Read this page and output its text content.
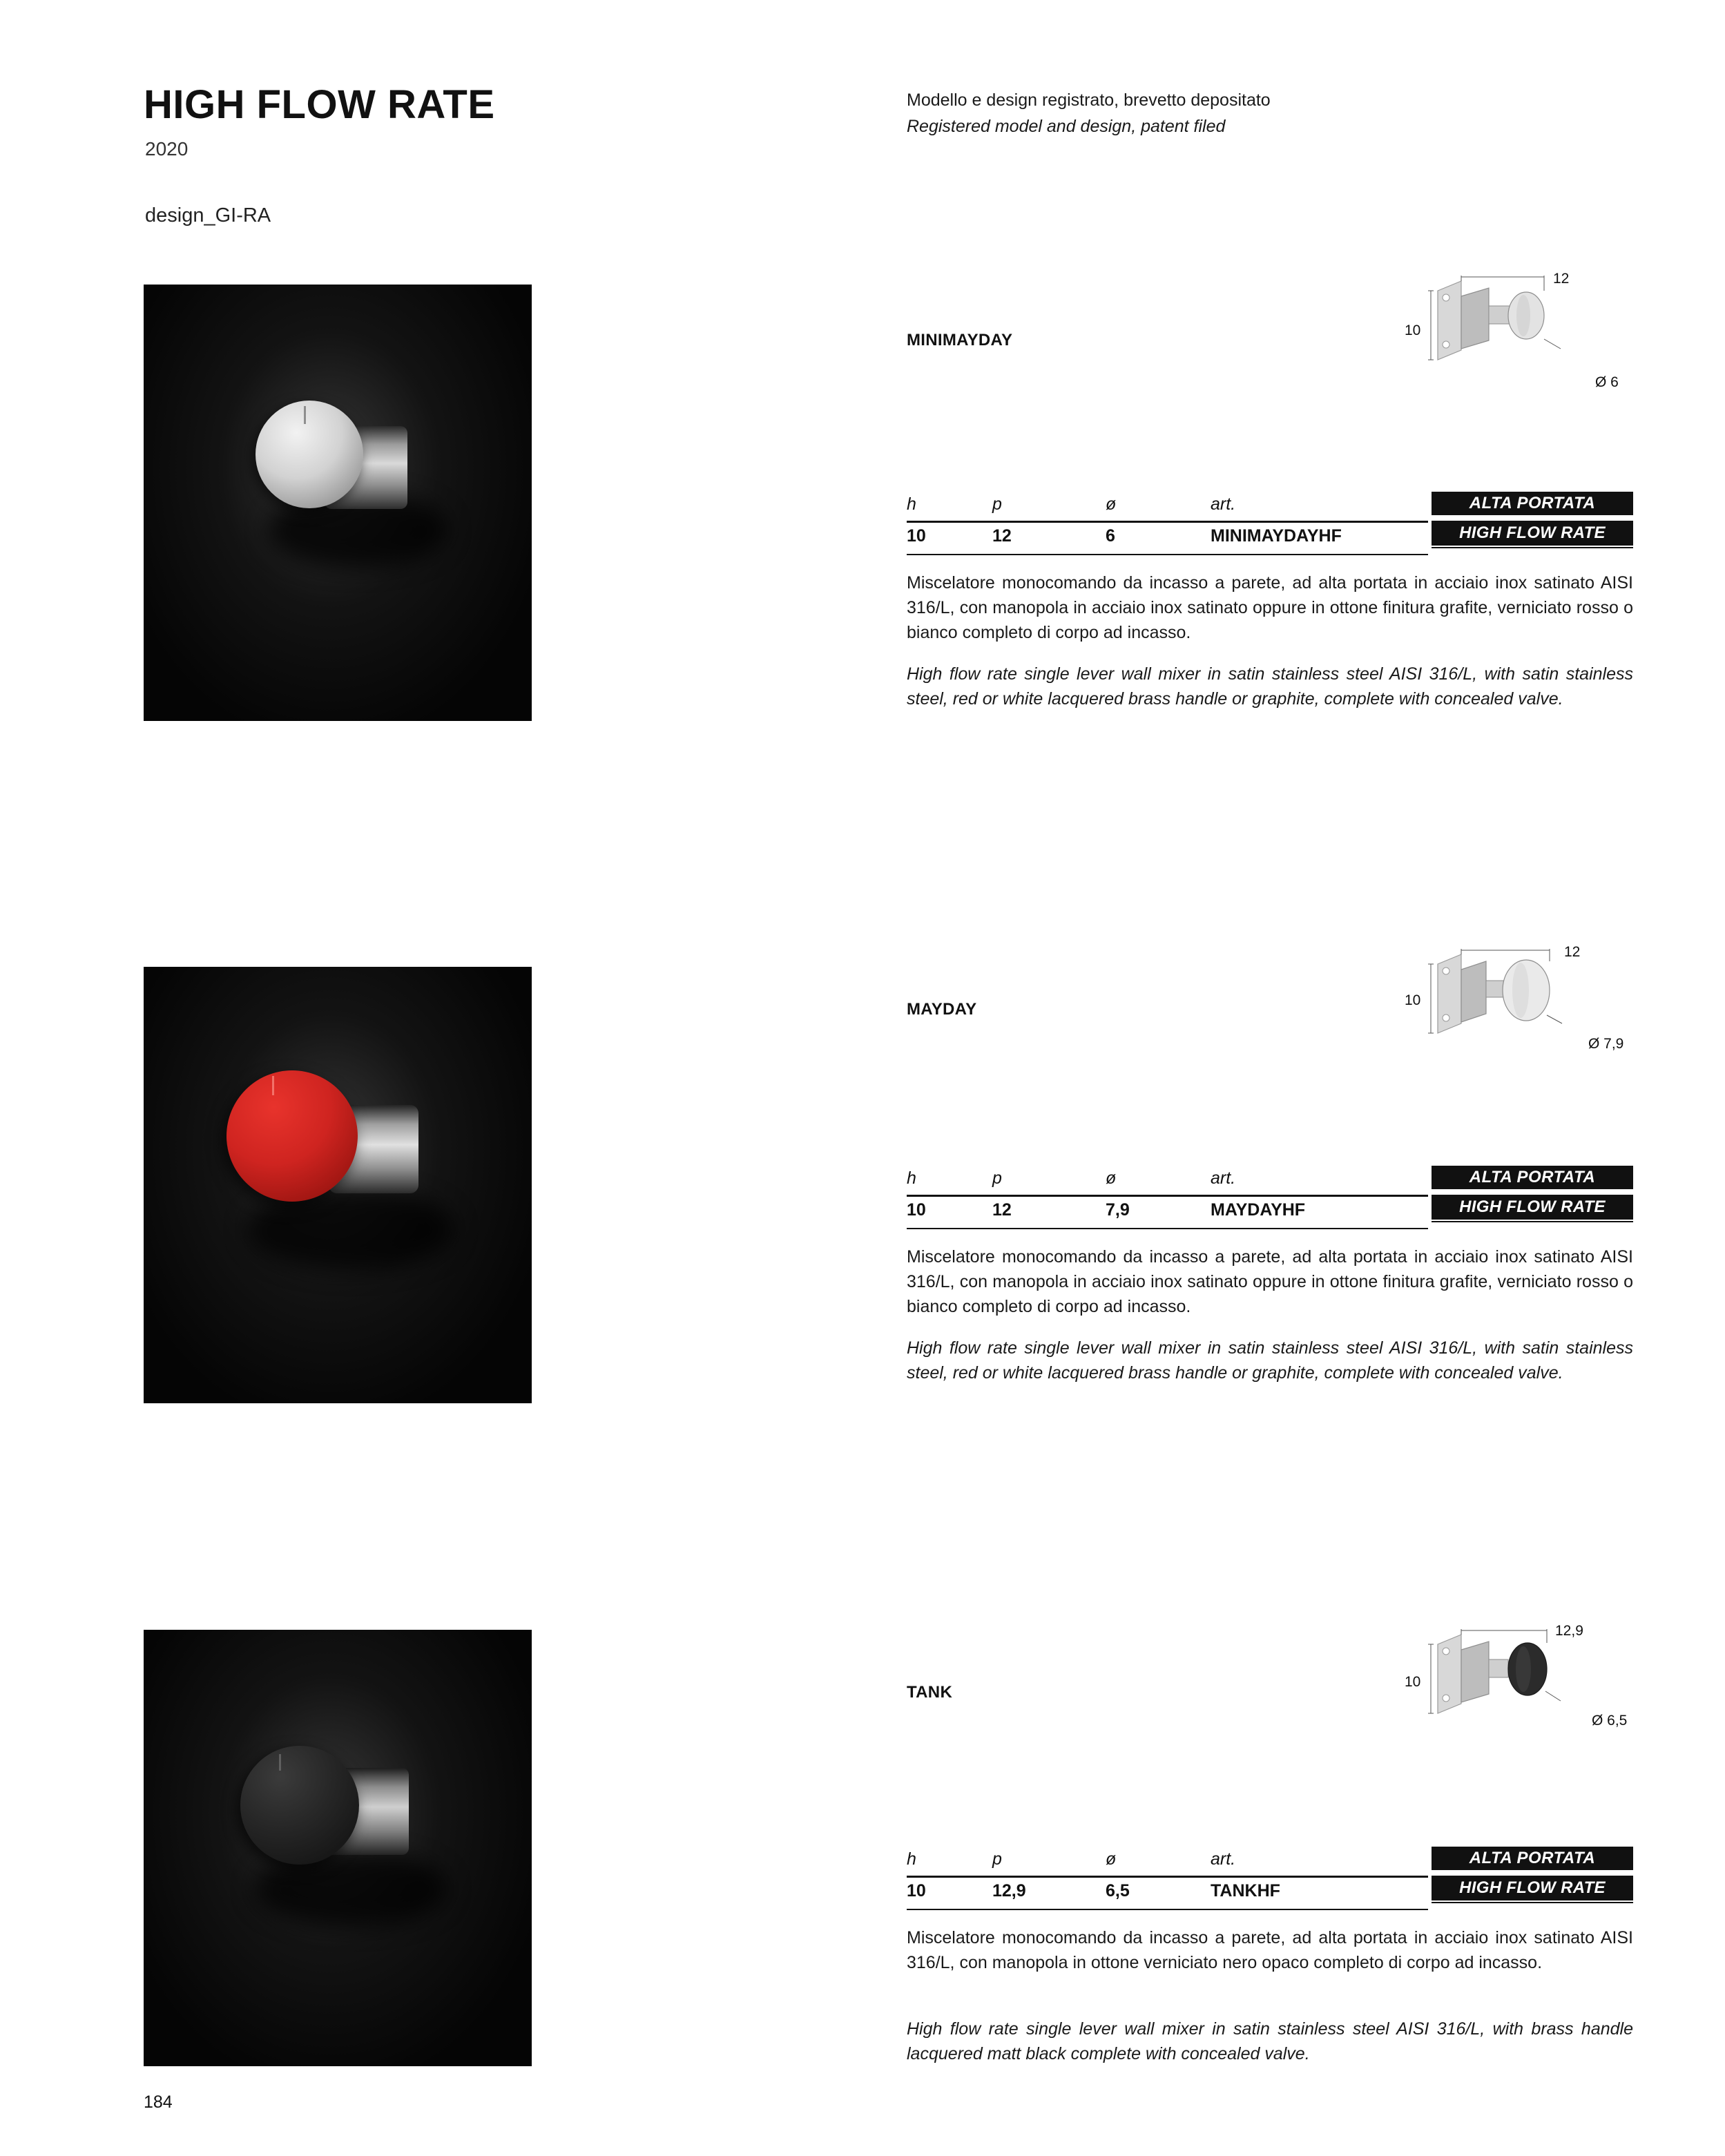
HIGH FLOW RATE
2020
design_GI-RA
Modello e design registrato, brevetto depositato
Registered model and design, patent filed
MINIMAYDAY
12
10
Ø 6
h	p	ø	art.	ALTA PORTATA
HIGH FLOW RATE
10	12	6	MINIMAYDAYHF
Miscelatore monocomando da incasso a parete, ad alta portata in acciaio inox satinato AISI 316/L, con manopola in acciaio inox satinato oppure in ottone finitura grafite, verniciato rosso o bianco completo di corpo ad incasso.
High flow rate single lever wall mixer in satin stainless steel AISI 316/L, with satin stainless steel, red or white lacquered brass handle or graphite, complete with concealed valve.
MAYDAY
12
10
Ø 7,9
h	p	ø	art.	ALTA PORTATA
HIGH FLOW RATE
10	12	7,9	MAYDAYHF
Miscelatore monocomando da incasso a parete, ad alta portata in acciaio inox satinato AISI 316/L, con manopola in acciaio inox satinato oppure in ottone finitura grafite, verniciato rosso o bianco completo di corpo ad incasso.
High flow rate single lever wall mixer in satin stainless steel AISI 316/L, with satin stainless steel, red or white lacquered brass handle or graphite, complete with concealed valve.
TANK
12,9
10
Ø 6,5
h	p	ø	art.	ALTA PORTATA
HIGH FLOW RATE
10	12,9	6,5	TANKHF
Miscelatore monocomando da incasso a parete, ad alta portata in acciaio inox satinato AISI 316/L, con manopola in ottone verniciato nero opaco completo di corpo ad incasso.
High flow rate single lever wall mixer in satin stainless steel AISI 316/L, with brass handle lacquered matt black complete with concealed valve.
184
